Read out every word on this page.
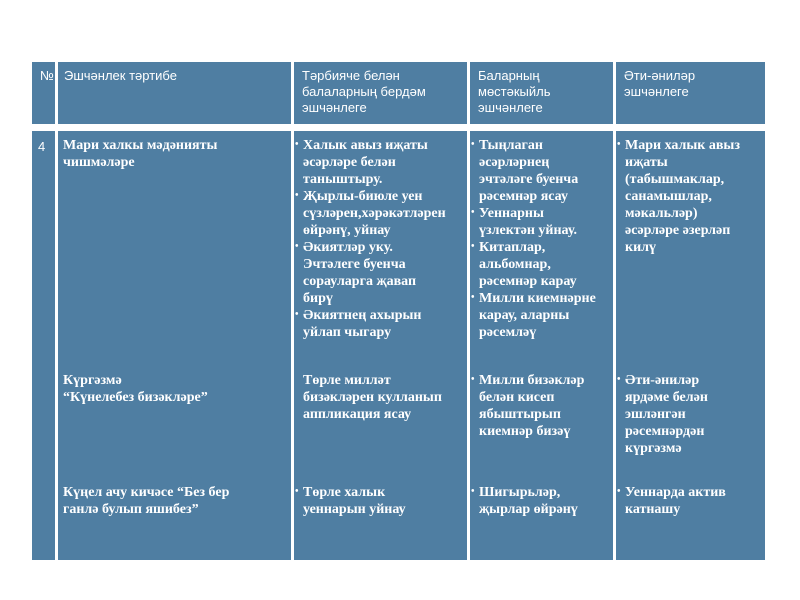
№ Эшчәнлек тәртибе	Тәрбияче белән
балаларның бердәм
эшчәнлеге
Баларның
мөстәкыйль
эшчәнлеге
Әти-әниләр
эшчәнлеге
4 Мари халкы мәдәнияты
чишмәләре
Күргәзмә
“Күнелебез бизәкләре”
Күңел ачу кичәсе “Без бер
ганлә булып яшибез”
• Халык авыз иҗаты
әсәрләре белән
таныштыру.
• Җырлы-биюле уен
сүзләрен,хәрәкәтләрен
өйрәнү, уйнау
• Әкиятләр уку.
Эчтәлеге буенча
сорауларга җавап
бирү
• Әкиятнең ахырын
уйлап чыгару
Төрле милләт
бизәкләрен кулланып
аппликация ясау
• Төрле халык
уеннарын уйнау
• Тыңлаган
әсәрләрнең
эчтәләге буенча
рәсемнәр ясау
• Уеннарны
үзлектән уйнау.
• Китаплар,
альбомнар,
рәсемнәр карау
• Милли киемнәрне
карау, аларны
рәсемләү
• Милли бизәкләр
белән кисеп
ябыштырып
киемнәр бизәү
• Шигырьләр,
җырлар өйрәнү
• Мари халык авыз
иҗаты
(табышмаклар,
санамышлар,
мәкальләр)
әсәрләре әзерләп
килү
• Әти-әниләр
ярдәме белән
эшләнгән
рәсемнәрдән
күргәзмә
• Уеннарда актив
катнашу
